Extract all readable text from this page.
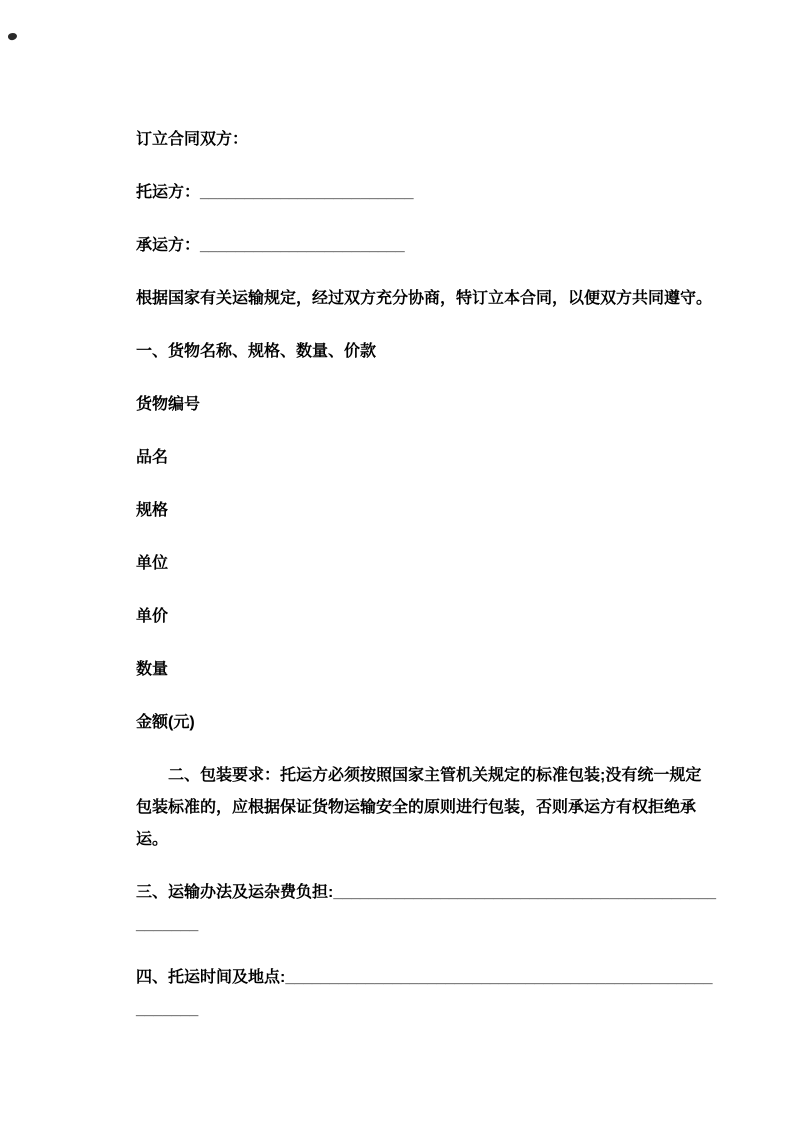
订立合同双方：

托运方：________________________

承运方：_______________________

根据国家有关运输规定，经过双方充分协商，特订立本合同，以便双方共同遵守。

一、货物名称、规格、数量、价款

货物编号

品名

规格

单位

单价

数量

金额(元)

二、包装要求：托运方必须按照国家主管机关规定的标准包装;没有统一规定包装标准的，应根据保证货物运输安全的原则进行包装，否则承运方有权拒绝承运。

三、运输办法及运杂费负担:__________________________________________________

四、托运时间及地点:_______________________________________________________
